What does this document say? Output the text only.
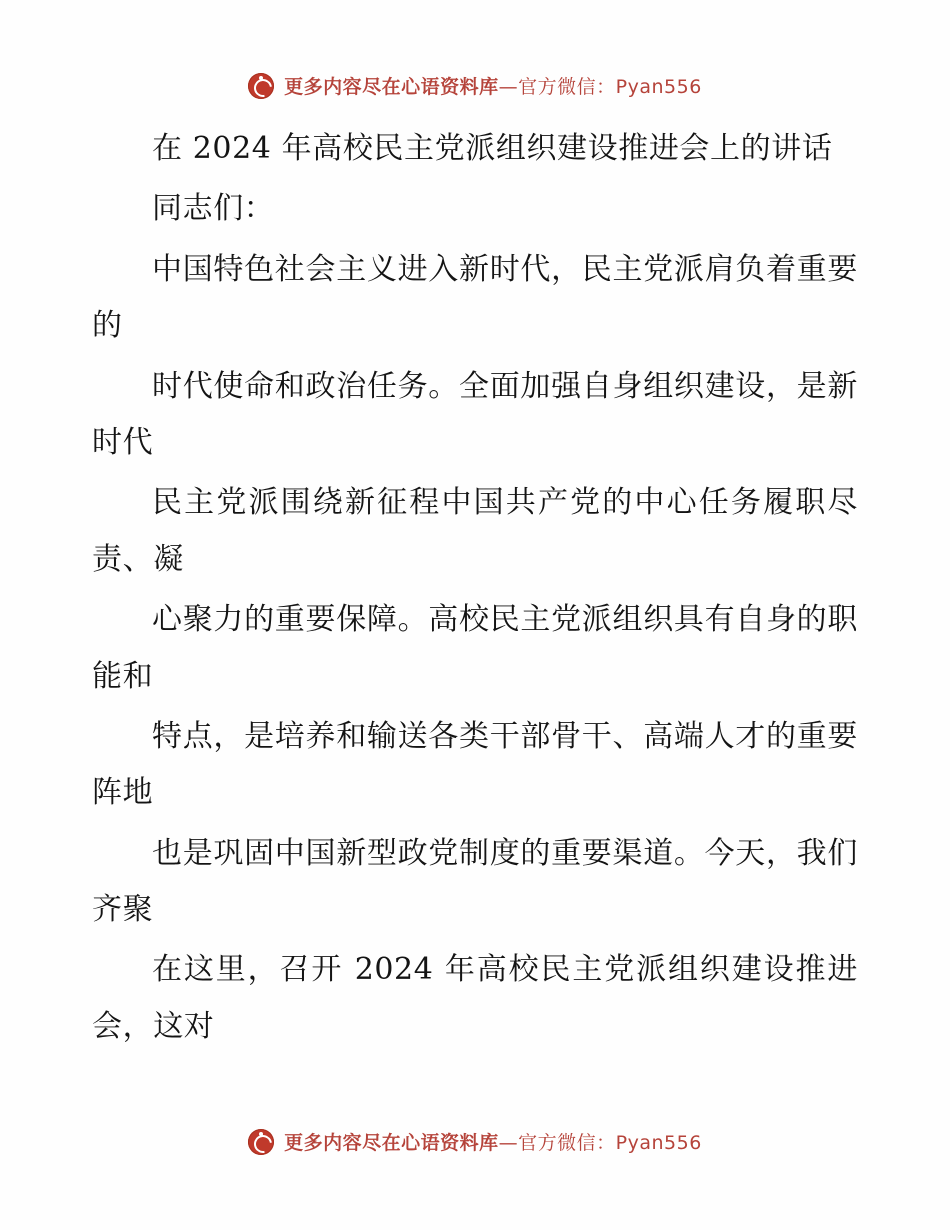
更多内容尽在心语资料库—官方微信：Pyan556

在 2024 年高校民主党派组织建设推进会上的讲话

同志们：

中国特色社会主义进入新时代，民主党派肩负着重要的

时代使命和政治任务。全面加强自身组织建设，是新时代

民主党派围绕新征程中国共产党的中心任务履职尽责、凝

心聚力的重要保障。高校民主党派组织具有自身的职能和

特点，是培养和输送各类干部骨干、高端人才的重要阵地

也是巩固中国新型政党制度的重要渠道。今天，我们齐聚

在这里，召开 2024 年高校民主党派组织建设推进会，这对

更多内容尽在心语资料库—官方微信：Pyan556
